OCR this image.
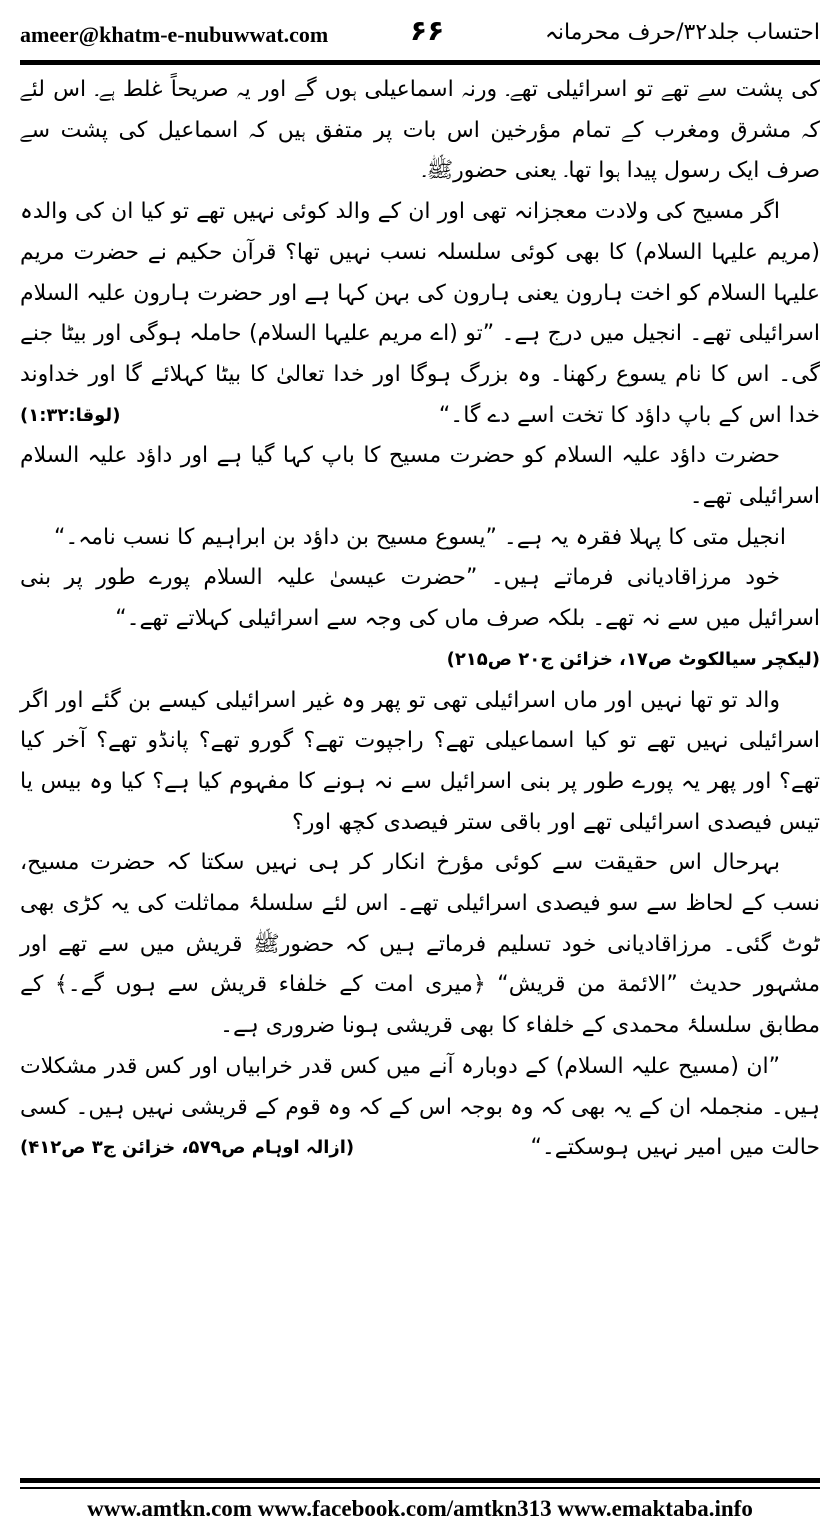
ameer@khatm-e-nubuwwat.com	۶۶	احتساب جلد۳۲/حرف محرمانہ

کی پشت سے تھے تو اسرائیلی تھے۔ ورنہ اسماعیلی ہوں گے اور یہ صریحاً غلط ہے۔ اس لئے کہ مشرق ومغرب کے تمام مؤرخین اس بات پر متفق ہیں کہ اسماعیل کی پشت سے صرف ایک رسول پیدا ہوا تھا۔ یعنی حضورﷺ۔

اگر مسیح کی ولادت معجزانہ تھی اور ان کے والد کوئی نہیں تھے تو کیا ان کی والدہ (مریم علیہا السلام) کا بھی کوئی سلسلہ نسب نہیں تھا؟ قرآن حکیم نے حضرت مریم علیہا السلام کو اخت ہارون یعنی ہارون کی بہن کہا ہے اور حضرت ہارون علیہ السلام اسرائیلی تھے۔ انجیل میں درج ہے۔ ”تو (اے مریم علیہا السلام) حاملہ ہوگی اور بیٹا جنے گی۔ اس کا نام یسوع رکھنا۔ وہ بزرگ ہوگا اور خدا تعالیٰ کا بیٹا کہلائے گا اور خداوند خدا اس کے باپ داؤد کا تخت اسے دے گا۔“
(لوقا:۱:۳۲)

حضرت داؤد علیہ السلام کو حضرت مسیح کا باپ کہا گیا ہے اور داؤد علیہ السلام اسرائیلی تھے۔

انجیل متی کا پہلا فقرہ یہ ہے۔ ”یسوع مسیح بن داؤد بن ابراہیم کا نسب نامہ۔“

خود مرزاقادیانی فرماتے ہیں۔ ”حضرت عیسیٰ علیہ السلام پورے طور پر بنی اسرائیل میں سے نہ تھے۔ بلکہ صرف ماں کی وجہ سے اسرائیلی کہلاتے تھے۔“

(لیکچر سیالکوٹ ص۱۷، خزائن ج۲۰ ص۲۱۵)

والد تو تھا نہیں اور ماں اسرائیلی تھی تو پھر وہ غیر اسرائیلی کیسے بن گئے اور اگر اسرائیلی نہیں تھے تو کیا اسماعیلی تھے؟ راجپوت تھے؟ گورو تھے؟ پانڈو تھے؟ آخر کیا تھے؟ اور پھر یہ پورے طور پر بنی اسرائیل سے نہ ہونے کا مفہوم کیا ہے؟ کیا وہ بیس یا تیس فیصدی اسرائیلی تھے اور باقی ستر فیصدی کچھ اور؟

بہرحال اس حقیقت سے کوئی مؤرخ انکار کر ہی نہیں سکتا کہ حضرت مسیح، نسب کے لحاظ سے سو فیصدی اسرائیلی تھے۔ اس لئے سلسلۂ مماثلت کی یہ کڑی بھی ٹوٹ گئی۔ مرزاقادیانی خود تسلیم فرماتے ہیں کہ حضورﷺ قریش میں سے تھے اور مشہور حدیث ”الائمة من قریش“ ﴿میری امت کے خلفاء قریش سے ہوں گے۔﴾ کے مطابق سلسلۂ محمدی کے خلفاء کا بھی قریشی ہونا ضروری ہے۔

”ان (مسیح علیہ السلام) کے دوبارہ آنے میں کس قدر خرابیاں اور کس قدر مشکلات ہیں۔ منجملہ ان کے یہ بھی کہ وہ بوجہ اس کے کہ وہ قوم کے قریشی نہیں ہیں۔ کسی حالت میں امیر نہیں ہوسکتے۔“
(ازالہ اوہام ص۵۷۹، خزائن ج۳ ص۴۱۲)

www.amtkn.com www.facebook.com/amtkn313 www.emaktaba.info
